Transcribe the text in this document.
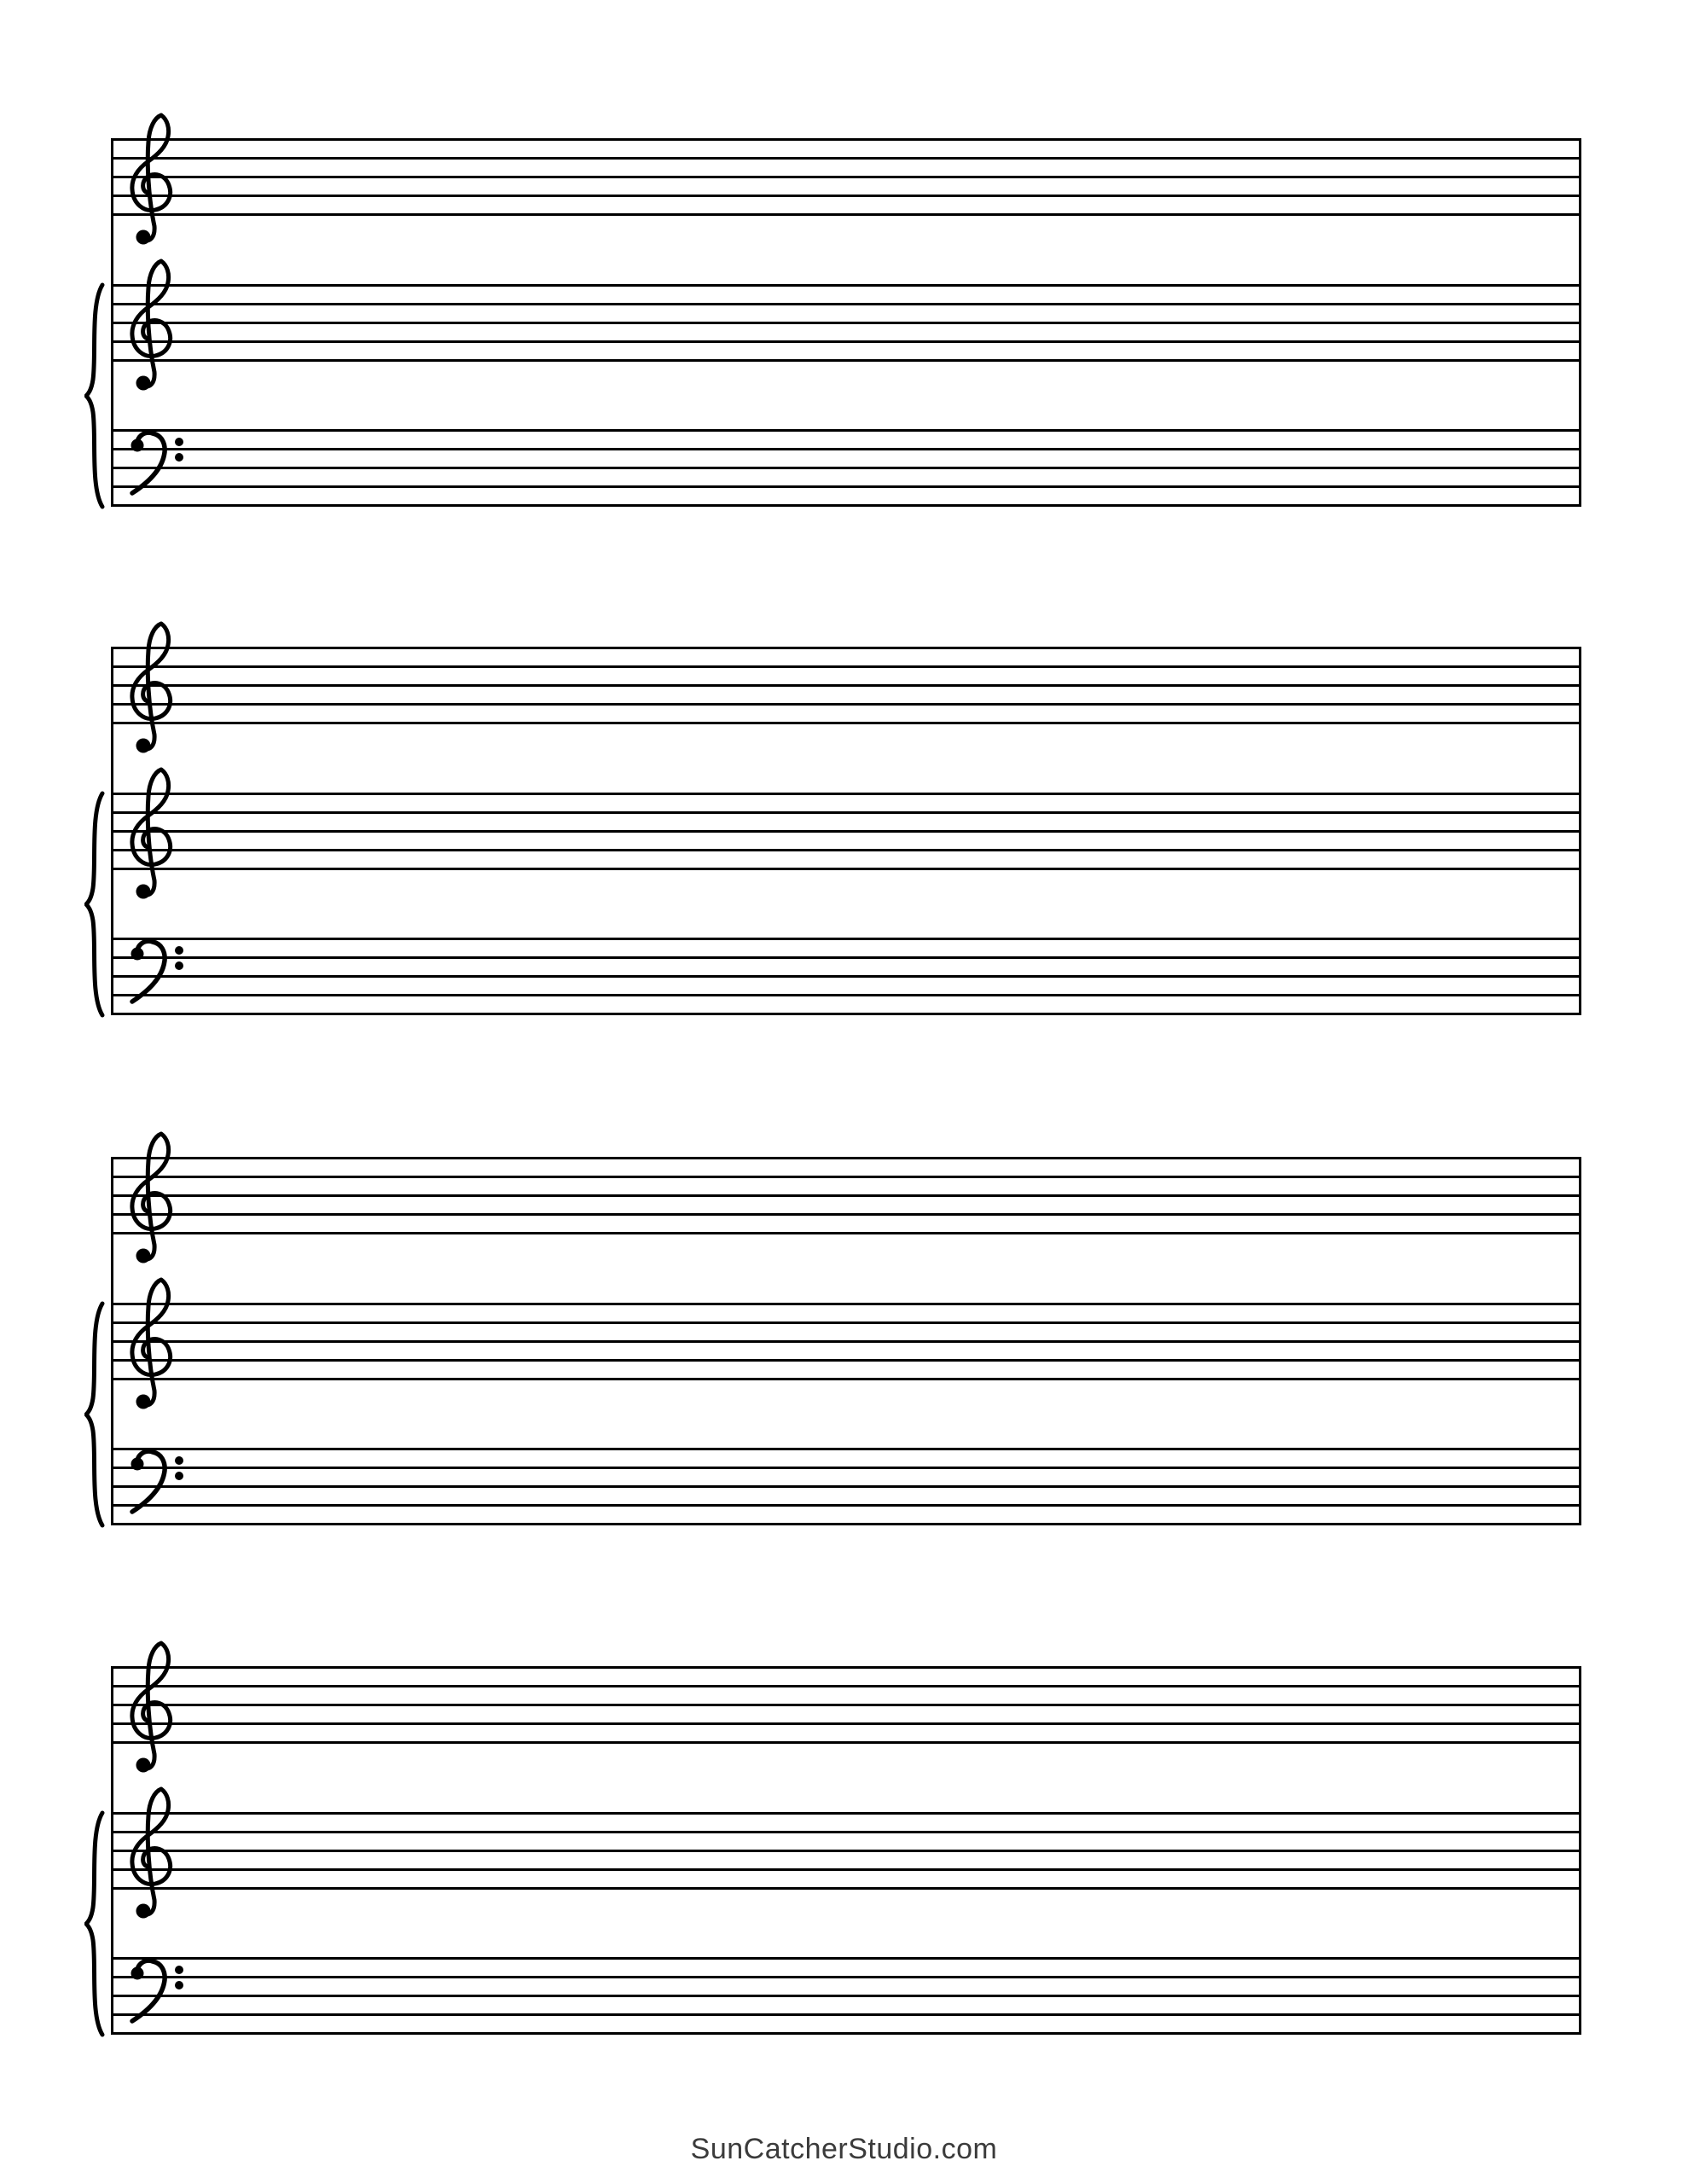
SunCatcherStudio.com
